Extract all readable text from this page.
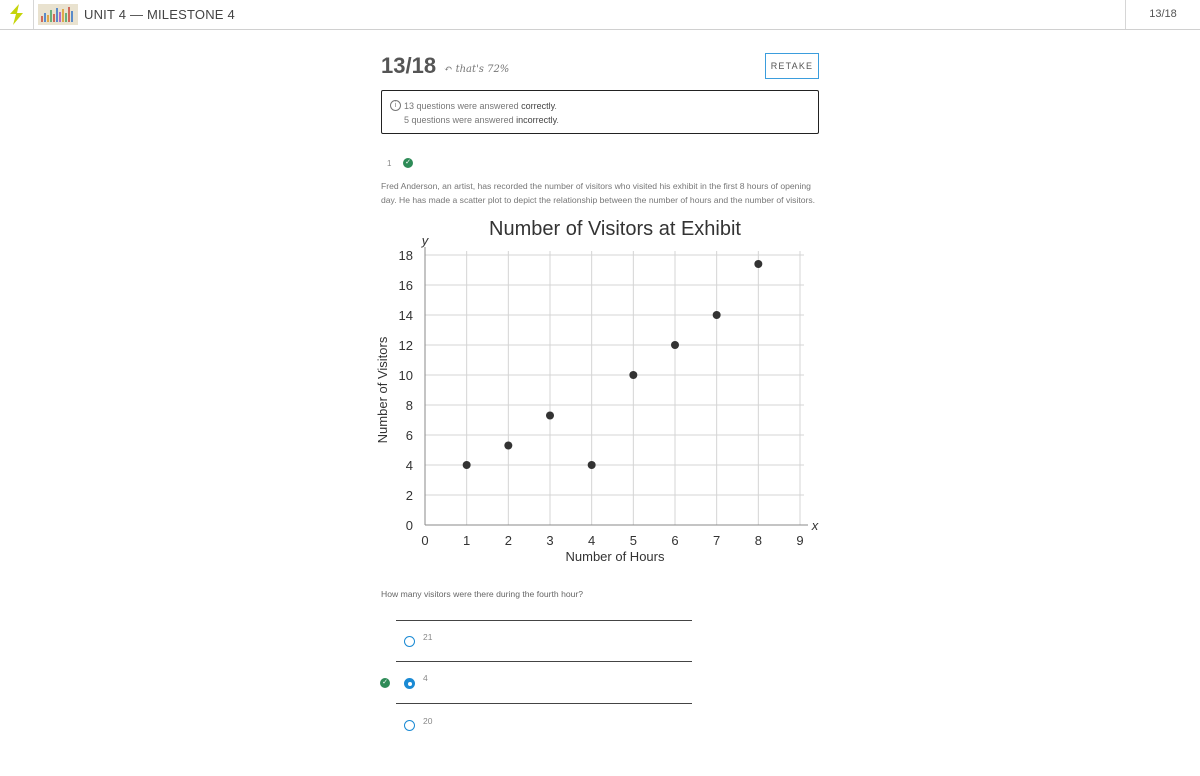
UNIT 4 — MILESTONE 4	13/18
13/18 ↶ that's 72%	RETAKE
i 13 questions were answered correctly.
5 questions were answered incorrectly.
1 ✓
Fred Anderson, an artist, has recorded the number of visitors who visited his exhibit in the first 8 hours of opening day. He has made a scatter plot to depict the relationship between the number of hours and the number of visitors.
Number of Visitors at Exhibit
y
x
0	1	2	3	4	5	6	7	8	9
0
2
4
6
8
10
12
14
16
18
Number of Hours
Number of Visitors
How many visitors were there during the fourth hour?
21
✓	4
20
